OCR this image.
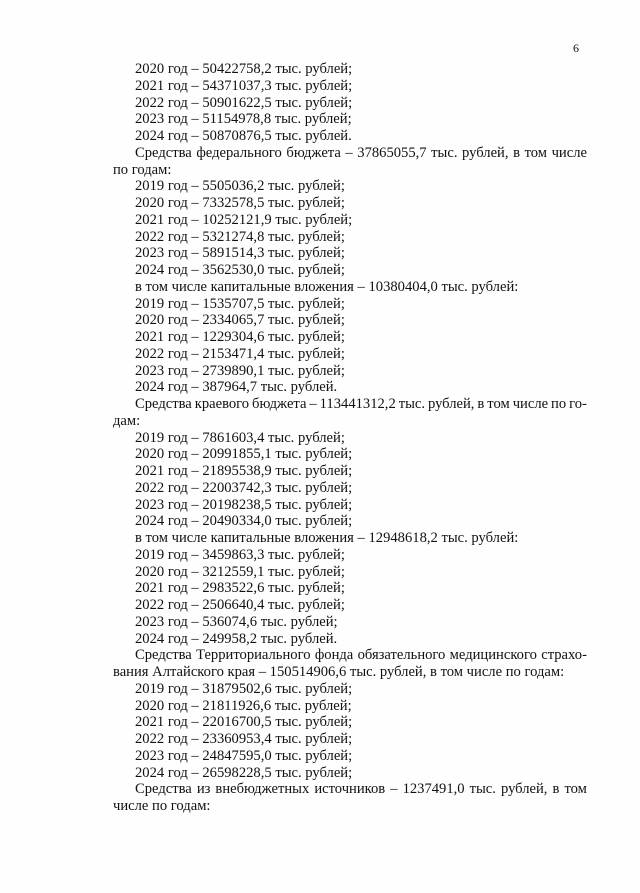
6
2020 год – 50422758,2 тыс. рублей;
2021 год – 54371037,3 тыс. рублей;
2022 год – 50901622,5 тыс. рублей;
2023 год – 51154978,8 тыс. рублей;
2024 год – 50870876,5 тыс. рублей.
Средства федерального бюджета – 37865055,7 тыс. рублей, в том числе
по годам:
2019 год – 5505036,2 тыс. рублей;
2020 год – 7332578,5 тыс. рублей;
2021 год – 10252121,9 тыс. рублей;
2022 год – 5321274,8 тыс. рублей;
2023 год – 5891514,3 тыс. рублей;
2024 год – 3562530,0 тыс. рублей;
в том числе капитальные вложения – 10380404,0 тыс. рублей:
2019 год – 1535707,5 тыс. рублей;
2020 год – 2334065,7 тыс. рублей;
2021 год – 1229304,6 тыс. рублей;
2022 год – 2153471,4 тыс. рублей;
2023 год – 2739890,1 тыс. рублей;
2024 год – 387964,7 тыс. рублей.
Средства краевого бюджета – 113441312,2 тыс. рублей, в том числе по го-
дам:
2019 год – 7861603,4 тыс. рублей;
2020 год – 20991855,1 тыс. рублей;
2021 год – 21895538,9 тыс. рублей;
2022 год – 22003742,3 тыс. рублей;
2023 год – 20198238,5 тыс. рублей;
2024 год – 20490334,0 тыс. рублей;
в том числе капитальные вложения – 12948618,2 тыс. рублей:
2019 год – 3459863,3 тыс. рублей;
2020 год – 3212559,1 тыс. рублей;
2021 год – 2983522,6 тыс. рублей;
2022 год – 2506640,4 тыс. рублей;
2023 год – 536074,6 тыс. рублей;
2024 год – 249958,2 тыс. рублей.
Средства Территориального фонда обязательного медицинского страхо-
вания Алтайского края – 150514906,6 тыс. рублей, в том числе по годам:
2019 год – 31879502,6 тыс. рублей;
2020 год – 21811926,6 тыс. рублей;
2021 год – 22016700,5 тыс. рублей;
2022 год – 23360953,4 тыс. рублей;
2023 год – 24847595,0 тыс. рублей;
2024 год – 26598228,5 тыс. рублей;
Средства из внебюджетных источников – 1237491,0 тыс. рублей, в том
числе по годам:
